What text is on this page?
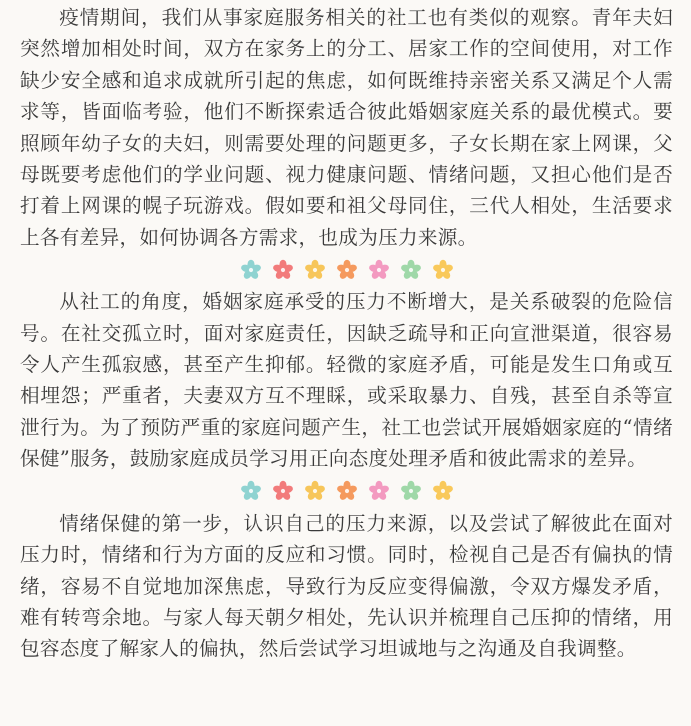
疫情期间，我们从事家庭服务相关的社工也有类似的观察。青年夫妇突然增加相处时间，双方在家务上的分工、居家工作的空间使用，对工作缺少安全感和追求成就所引起的焦虑，如何既维持亲密关系又满足个人需求等，皆面临考验，他们不断探索适合彼此婚姻家庭关系的最优模式。要照顾年幼子女的夫妇，则需要处理的问题更多，子女长期在家上网课，父母既要考虑他们的学业问题、视力健康问题、情绪问题，又担心他们是否打着上网课的幌子玩游戏。假如要和祖父母同住，三代人相处，生活要求上各有差异，如何协调各方需求，也成为压力来源。

从社工的角度，婚姻家庭承受的压力不断增大，是关系破裂的危险信号。在社交孤立时，面对家庭责任，因缺乏疏导和正向宣泄渠道，很容易令人产生孤寂感，甚至产生抑郁。轻微的家庭矛盾，可能是发生口角或互相埋怨；严重者，夫妻双方互不理睬，或采取暴力、自残，甚至自杀等宣泄行为。为了预防严重的家庭问题产生，社工也尝试开展婚姻家庭的“情绪保健”服务，鼓励家庭成员学习用正向态度处理矛盾和彼此需求的差异。

情绪保健的第一步，认识自己的压力来源，以及尝试了解彼此在面对压力时，情绪和行为方面的反应和习惯。同时，检视自己是否有偏执的情绪，容易不自觉地加深焦虑，导致行为反应变得偏激，令双方爆发矛盾，难有转弯余地。与家人每天朝夕相处，先认识并梳理自己压抑的情绪，用包容态度了解家人的偏执，然后尝试学习坦诚地与之沟通及自我调整。
